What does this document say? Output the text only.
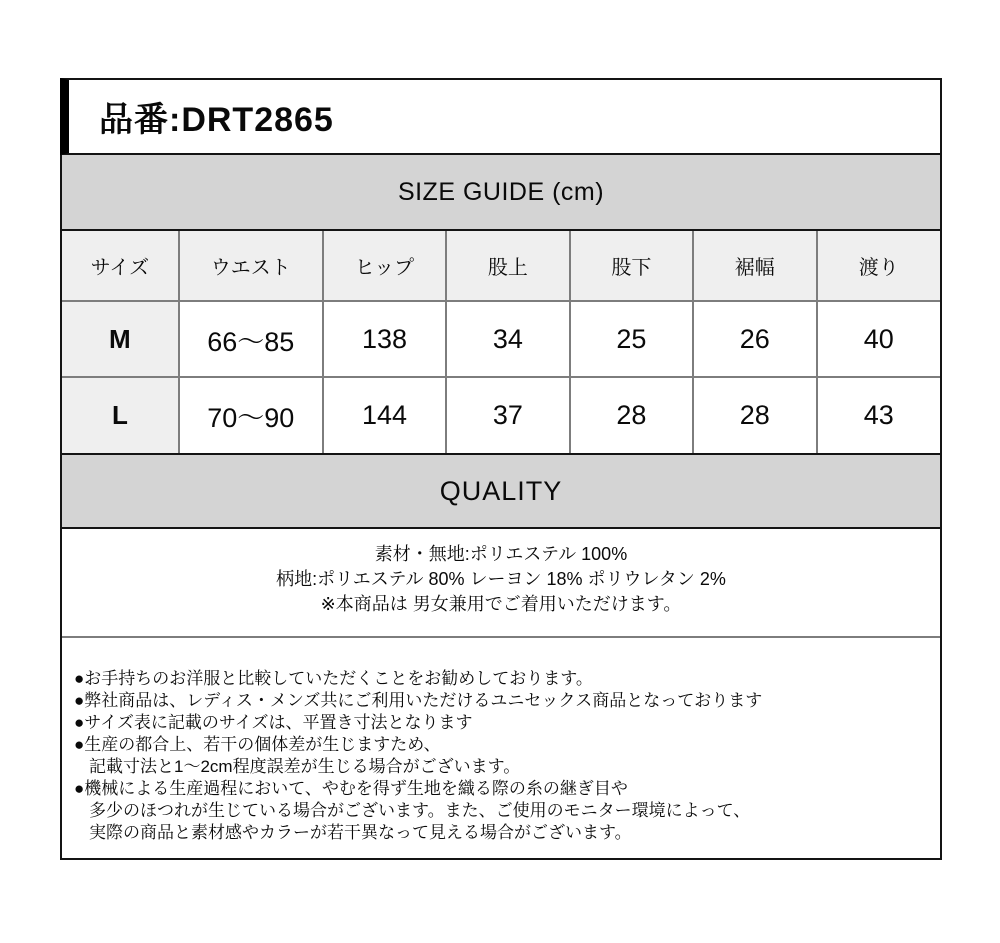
品番:DRT2865
SIZE GUIDE (cm)
サイズ	ウエスト	ヒップ	股上	股下	裾幅	渡り
M	66〜85	138	34	25	26	40
L	70〜90	144	37	28	28	43
QUALITY
素材・無地:ポリエステル 100%
柄地:ポリエステル 80% レーヨン 18% ポリウレタン 2%
※本商品は 男女兼用でご着用いただけます。
●お手持ちのお洋服と比較していただくことをお勧めしております。
●弊社商品は、レディス・メンズ共にご利用いただけるユニセックス商品となっております
●サイズ表に記載のサイズは、平置き寸法となります
●生産の都合上、若干の個体差が生じますため、
記載寸法と1〜2cm程度誤差が生じる場合がございます。
●機械による生産過程において、やむを得ず生地を織る際の糸の継ぎ目や
多少のほつれが生じている場合がございます。また、ご使用のモニター環境によって、
実際の商品と素材感やカラーが若干異なって見える場合がございます。
